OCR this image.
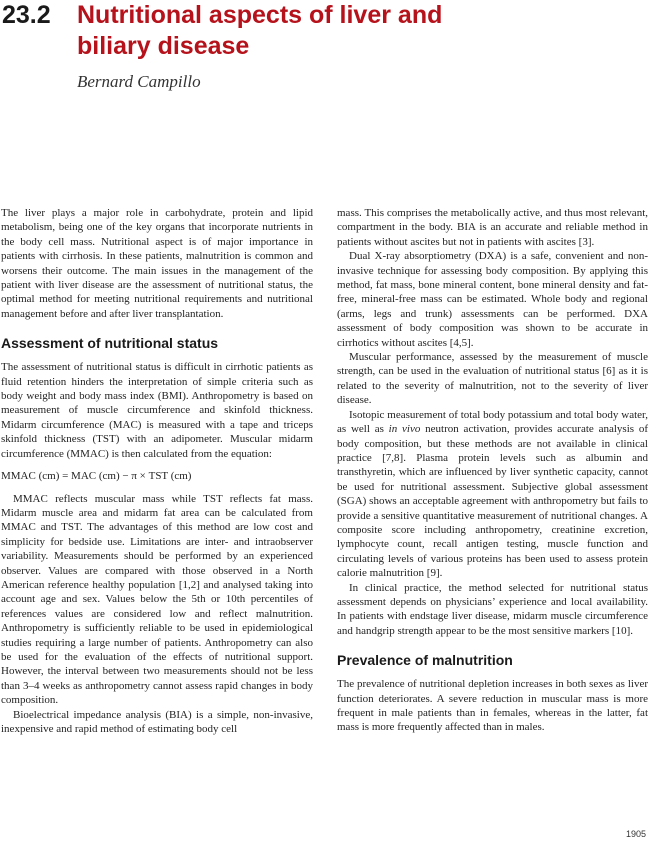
23.2 Nutritional aspects of liver and
biliary disease
Bernard Campillo

The liver plays a major role in carbohydrate, protein and lipid metabolism, being one of the key organs that incorporate nutrients in the body cell mass. Nutritional aspect is of major importance in patients with cirrhosis. In these patients, malnutrition is common and worsens their outcome. The main issues in the management of the patient with liver disease are the assessment of nutritional status, the optimal method for meeting nutritional requirements and nutritional management before and after liver transplantation.

Assessment of nutritional status

The assessment of nutritional status is difficult in cirrhotic patients as fluid retention hinders the interpretation of simple criteria such as body weight and body mass index (BMI). Anthropometry is based on measurement of muscle circumference and skinfold thickness. Midarm circumference (MAC) is measured with a tape and triceps skinfold thickness (TST) with an adipometer. Muscular midarm circumference (MMAC) is then calculated from the equation:

MMAC (cm) = MAC (cm) − π × TST (cm)

MMAC reflects muscular mass while TST reflects fat mass. Midarm muscle area and midarm fat area can be calculated from MMAC and TST. The advantages of this method are low cost and simplicity for bedside use. Limitations are inter- and intraobserver variability. Measurements should be performed by an experienced observer. Values are compared with those observed in a North American reference healthy population [1,2] and analysed taking into account age and sex. Values below the 5th or 10th percentiles of references values are considered low and reflect malnutrition. Anthropometry is sufficiently reliable to be used in epidemiological studies requiring a large number of patients. Anthropometry can also be used for the evaluation of the effects of nutritional support. However, the interval between two measurements should not be less than 3–4 weeks as anthropometry cannot assess rapid changes in body composition.

Bioelectrical impedance analysis (BIA) is a simple, non-invasive, inexpensive and rapid method of estimating body cell

mass. This comprises the metabolically active, and thus most relevant, compartment in the body. BIA is an accurate and reliable method in patients without ascites but not in patients with ascites [3].

Dual X-ray absorptiometry (DXA) is a safe, convenient and non-invasive technique for assessing body composition. By applying this method, fat mass, bone mineral content, bone mineral density and fat-free, mineral-free mass can be estimated. Whole body and regional (arms, legs and trunk) assessments can be performed. DXA assessment of body composition was shown to be accurate in cirrhotics without ascites [4,5].

Muscular performance, assessed by the measurement of muscle strength, can be used in the evaluation of nutritional status [6] as it is related to the severity of malnutrition, not to the severity of liver disease.

Isotopic measurement of total body potassium and total body water, as well as in vivo neutron activation, provides accurate analysis of body composition, but these methods are not available in clinical practice [7,8]. Plasma protein levels such as albumin and transthyretin, which are influenced by liver synthetic capacity, cannot be used for nutritional assessment. Subjective global assessment (SGA) shows an acceptable agreement with anthropometry but fails to provide a sensitive quantitative measurement of nutritional changes. A composite score including anthropometry, creatinine excretion, lymphocyte count, recall antigen testing, muscle function and circulating levels of various proteins has been used to assess protein calorie malnutrition [9].

In clinical practice, the method selected for nutritional status assessment depends on physicians’ experience and local availability. In patients with endstage liver disease, midarm muscle circumference and handgrip strength appear to be the most sensitive markers [10].

Prevalence of malnutrition

The prevalence of nutritional depletion increases in both sexes as liver function deteriorates. A severe reduction in muscular mass is more frequent in male patients than in females, whereas in the latter, fat mass is more frequently affected than in males.

1905
